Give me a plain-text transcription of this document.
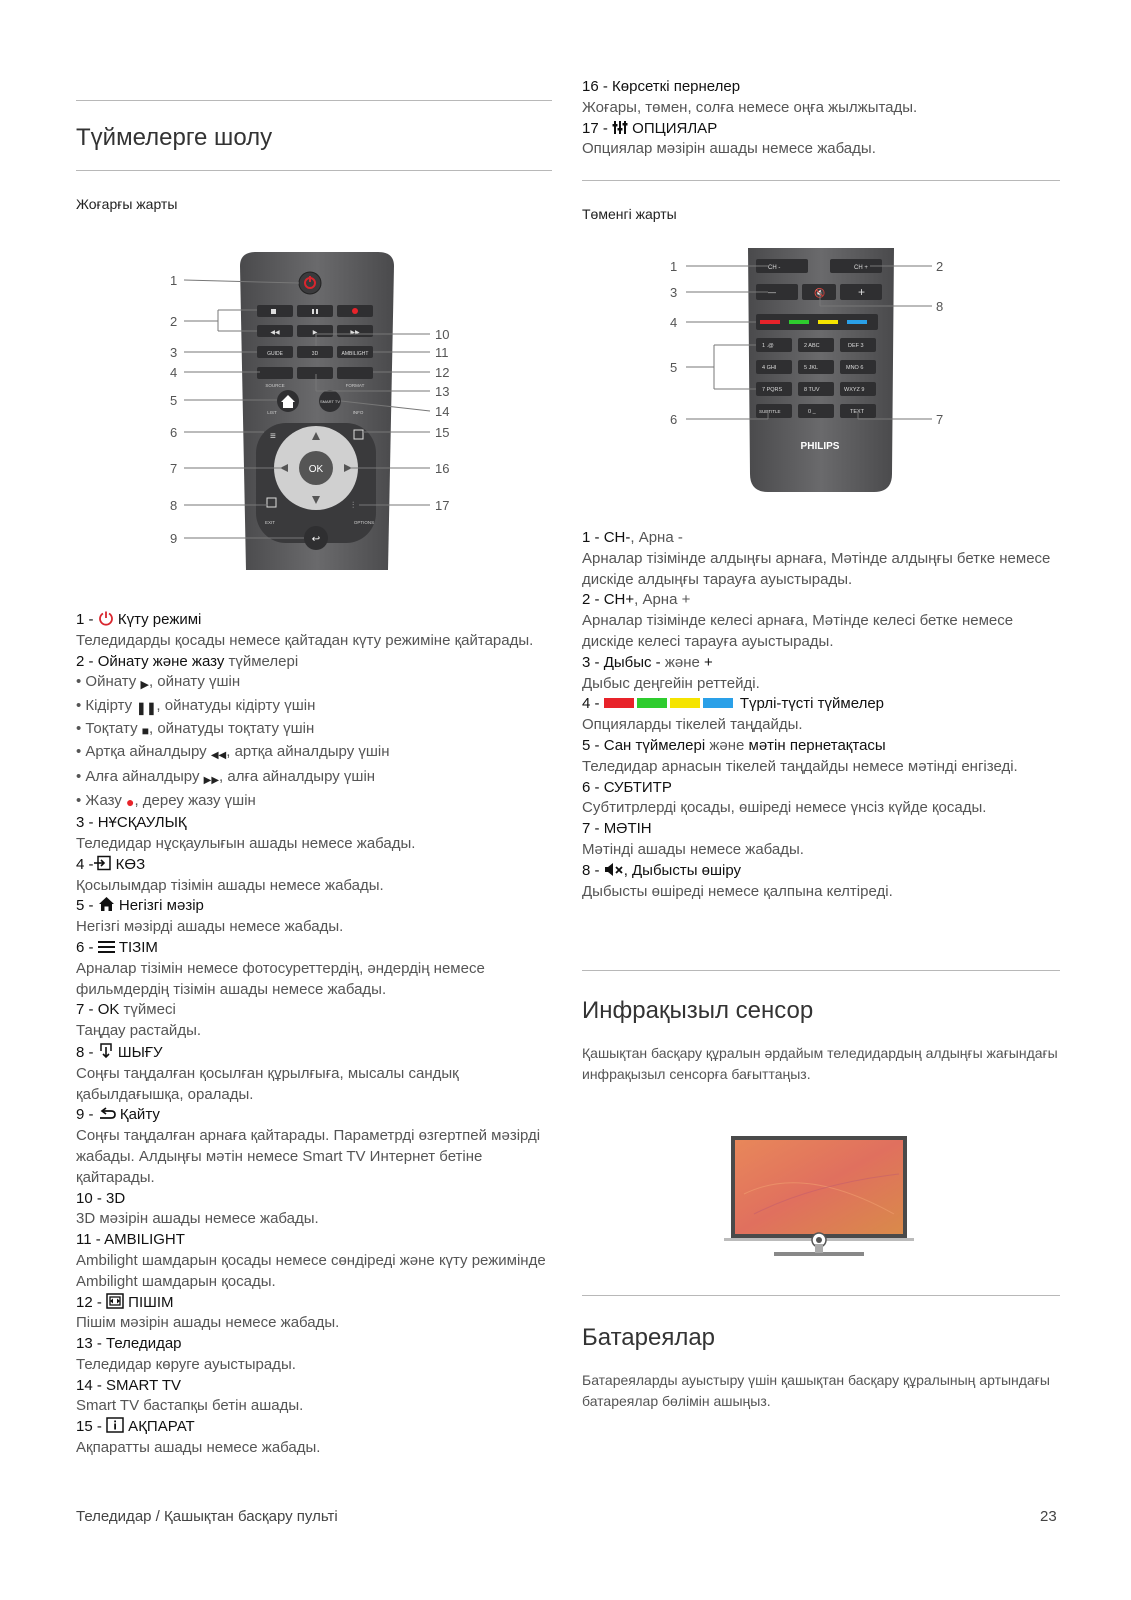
Түймелерге шолу
Жоғарғы жарты
◀◀	▶	▶▶
GUIDE	3D	AMBILIGHT
SOURCE	FORMAT
LIST
SMART TV
INFO
OK
≡
⫶
EXIT	OPTIONS
↩
1
2
3
4
5
6
7
8
9
10
11
12
13
14
15
16
17
1 -  Күту режимі
Теледидарды қосады немесе қайтадан күту режиміне қайтарады.
2 - Ойнату және жазу түймелері
• Ойнату ▶, ойнату үшін
• Кідірту ❚❚, ойнатуды кідірту үшін
• Тоқтату ■, ойнатуды тоқтату үшін
• Артқа айналдыру ◀◀, артқа айналдыру үшін
• Алға айналдыру ▶▶, алға айналдыру үшін
• Жазу ●, дереу жазу үшін
3 - НҰСҚАУЛЫҚ
Теледидар нұсқаулығын ашады немесе жабады.
4 - КӨЗ
Қосылымдар тізімін ашады немесе жабады.
5 -  Негізгі мәзір
Негізгі мәзірді ашады немесе жабады.
6 -  ТІЗІМ
Арналар тізімін немесе фотосуреттердің, әндердің немесе фильмдердің тізімін ашады немесе жабады.
7 - OK түймесі
Таңдау растайды.
8 -  ШЫҒУ
Соңғы таңдалған қосылған құрылғыға, мысалы сандық қабылдағышқа, оралады.
9 -  Қайту
Соңғы таңдалған арнаға қайтарады. Параметрді өзгертпей мәзірді жабады. Алдыңғы мәтін немесе Smart TV Интернет бетіне қайтарады.
10 - 3D
3D мәзірін ашады немесе жабады.
11 - AMBILIGHT
Ambilight шамдарын қосады немесе сөндіреді және күту режимінде Ambilight шамдарын қосады.
12 -  ПІШІМ
Пішім мәзірін ашады немесе жабады.
13 - Теледидар
Теледидар көруге ауыстырады.
14 - SMART TV
Smart TV бастапқы бетін ашады.
15 -  АҚПАРАТ
Ақпаратты ашады немесе жабады.
16 - Көрсеткі пернелер
Жоғары, төмен, солға немесе оңға жылжытады.
17 -  ОПЦИЯЛАР
Опциялар мәзірін ашады немесе жабады.
Төменгі жарты
CH -	CH +
—	🔇	+
1 .@	2 ABC	DEF 3
4 GHI	5 JKL	MNO 6
7 PQRS	8 TUV	WXYZ 9
SUBTITLE	0 _	TEXT
PHILIPS
1
3
4
5
6
2
8
7
1 - CH-, Арна -
Арналар тізімінде алдыңғы арнаға, Мәтінде алдыңғы бетке немесе дискіде алдыңғы тарауға ауыстырады.
2 - CH+, Арна +
Арналар тізімінде келесі арнаға, Мәтінде келесі бетке немесе дискіде келесі тарауға ауыстырады.
3 - Дыбыс - және +
Дыбыс деңгейін реттейді.
4 -	Түрлі-түсті түймелер
Опцияларды тікелей таңдайды.
5 - Сан түймелері және мәтін пернетақтасы
Теледидар арнасын тікелей таңдайды немесе мәтінді енгізеді.
6 - СУБТИТР
Субтитрлерді қосады, өшіреді немесе үнсіз күйде қосады.
7 - МӘТІН
Мәтінді ашады немесе жабады.
8 - , Дыбысты өшіру
Дыбысты өшіреді немесе қалпына келтіреді.
Инфрақызыл сенсор
Қашықтан басқару құралын әрдайым теледидардың алдыңғы жағындағы инфрақызыл сенсорға бағыттаңыз.
Батареялар
Батареяларды ауыстыру үшін қашықтан басқару құралының артындағы батареялар бөлімін ашыңыз.
Теледидар / Қашықтан басқару пульті	23
